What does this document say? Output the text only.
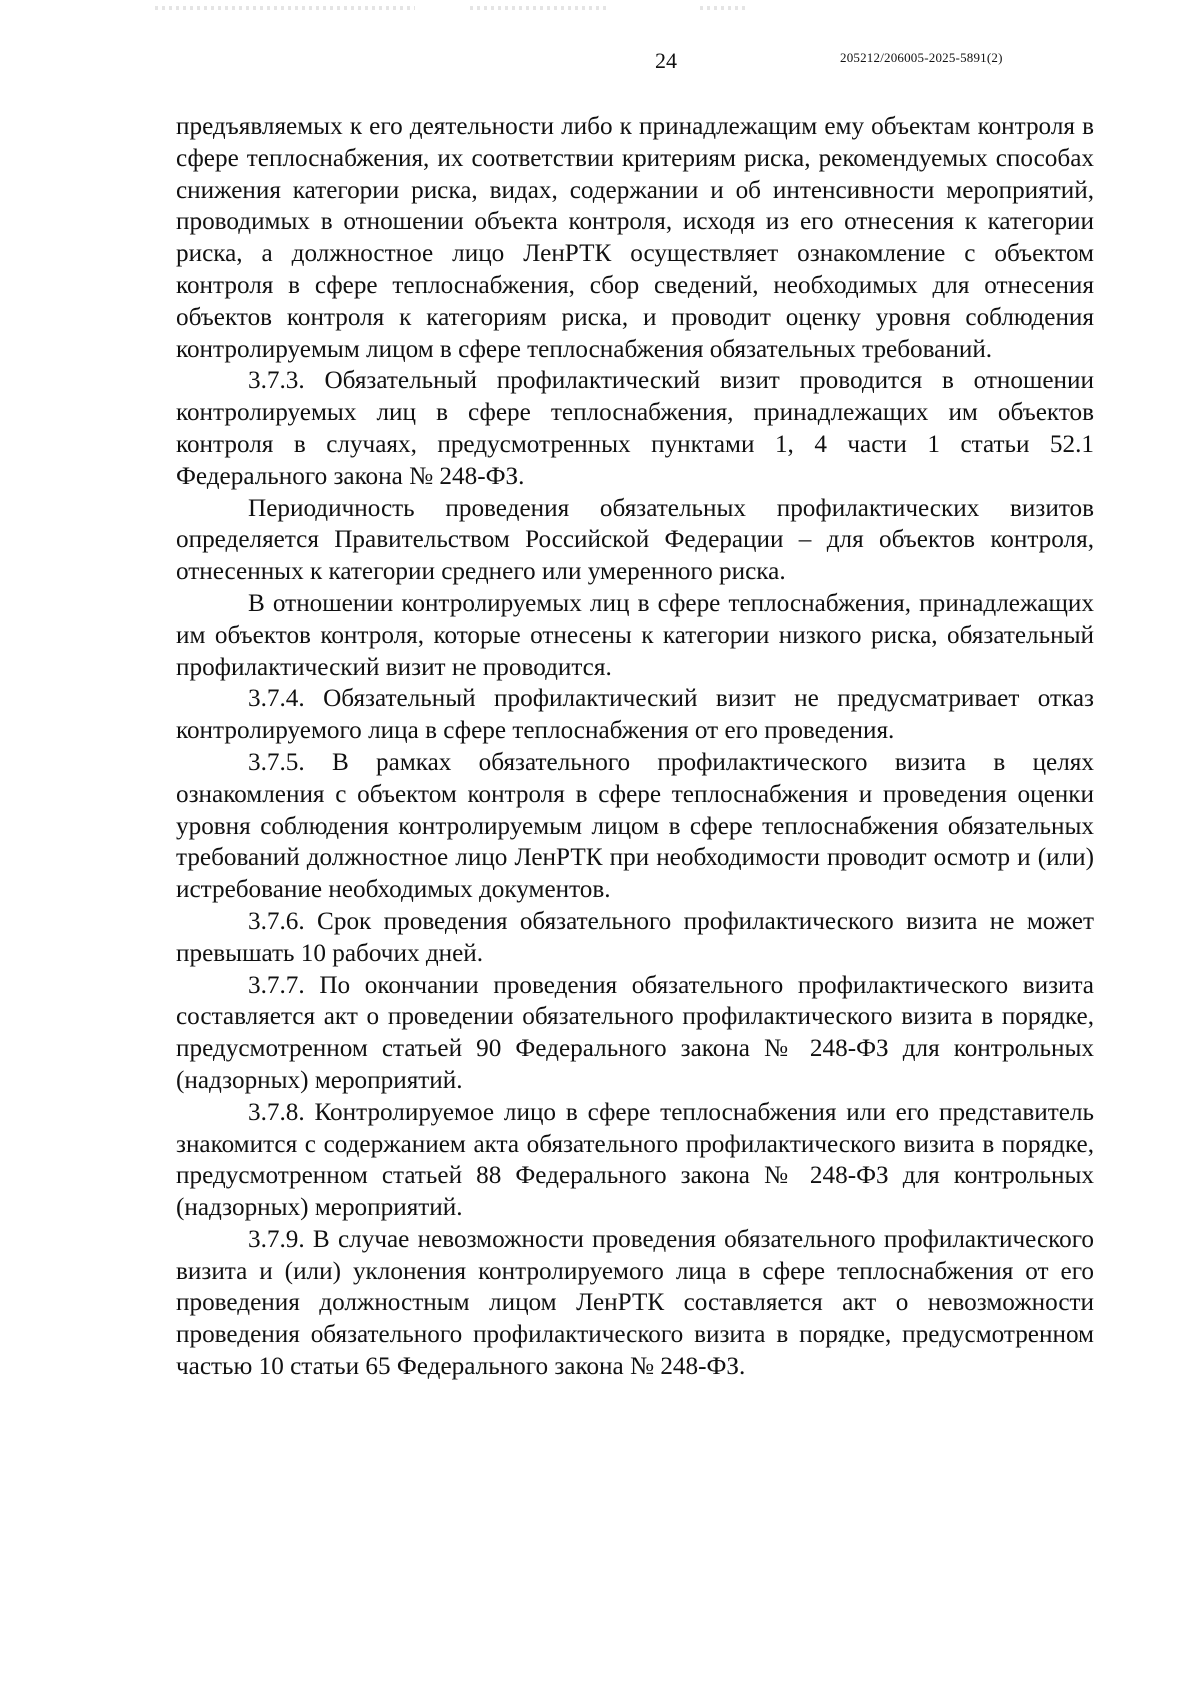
24	205212/206005-2025-5891(2)

предъявляемых к его деятельности либо к принадлежащим ему объектам контроля в сфере теплоснабжения, их соответствии критериям риска, рекомендуемых способах снижения категории риска, видах, содержании и об интенсивности мероприятий, проводимых в отношении объекта контроля, исходя из его отнесения к категории риска, а должностное лицо ЛенРТК осуществляет ознакомление с объектом контроля в сфере теплоснабжения, сбор сведений, необходимых для отнесения объектов контроля к категориям риска, и проводит оценку уровня соблюдения контролируемым лицом в сфере теплоснабжения обязательных требований.

3.7.3. Обязательный профилактический визит проводится в отношении контролируемых лиц в сфере теплоснабжения, принадлежащих им объектов контроля в случаях, предусмотренных пунктами 1, 4 части 1 статьи 52.1 Федерального закона № 248-ФЗ.

Периодичность проведения обязательных профилактических визитов определяется Правительством Российской Федерации – для объектов контроля, отнесенных к категории среднего или умеренного риска.

В отношении контролируемых лиц в сфере теплоснабжения, принадлежащих им объектов контроля, которые отнесены к категории низкого риска, обязательный профилактический визит не проводится.

3.7.4. Обязательный профилактический визит не предусматривает отказ контролируемого лица в сфере теплоснабжения от его проведения.

3.7.5. В рамках обязательного профилактического визита в целях ознакомления с объектом контроля в сфере теплоснабжения и проведения оценки уровня соблюдения контролируемым лицом в сфере теплоснабжения обязательных требований должностное лицо ЛенРТК при необходимости проводит осмотр и (или) истребование необходимых документов.

3.7.6. Срок проведения обязательного профилактического визита не может превышать 10 рабочих дней.

3.7.7. По окончании проведения обязательного профилактического визита составляется акт о проведении обязательного профилактического визита в порядке, предусмотренном статьей 90 Федерального закона № 248-ФЗ для контрольных (надзорных) мероприятий.

3.7.8. Контролируемое лицо в сфере теплоснабжения или его представитель знакомится с содержанием акта обязательного профилактического визита в порядке, предусмотренном статьей 88 Федерального закона № 248-ФЗ для контрольных (надзорных) мероприятий.

3.7.9. В случае невозможности проведения обязательного профилактического визита и (или) уклонения контролируемого лица в сфере теплоснабжения от его проведения должностным лицом ЛенРТК составляется акт о невозможности проведения обязательного профилактического визита в порядке, предусмотренном частью 10 статьи 65 Федерального закона № 248-ФЗ.
